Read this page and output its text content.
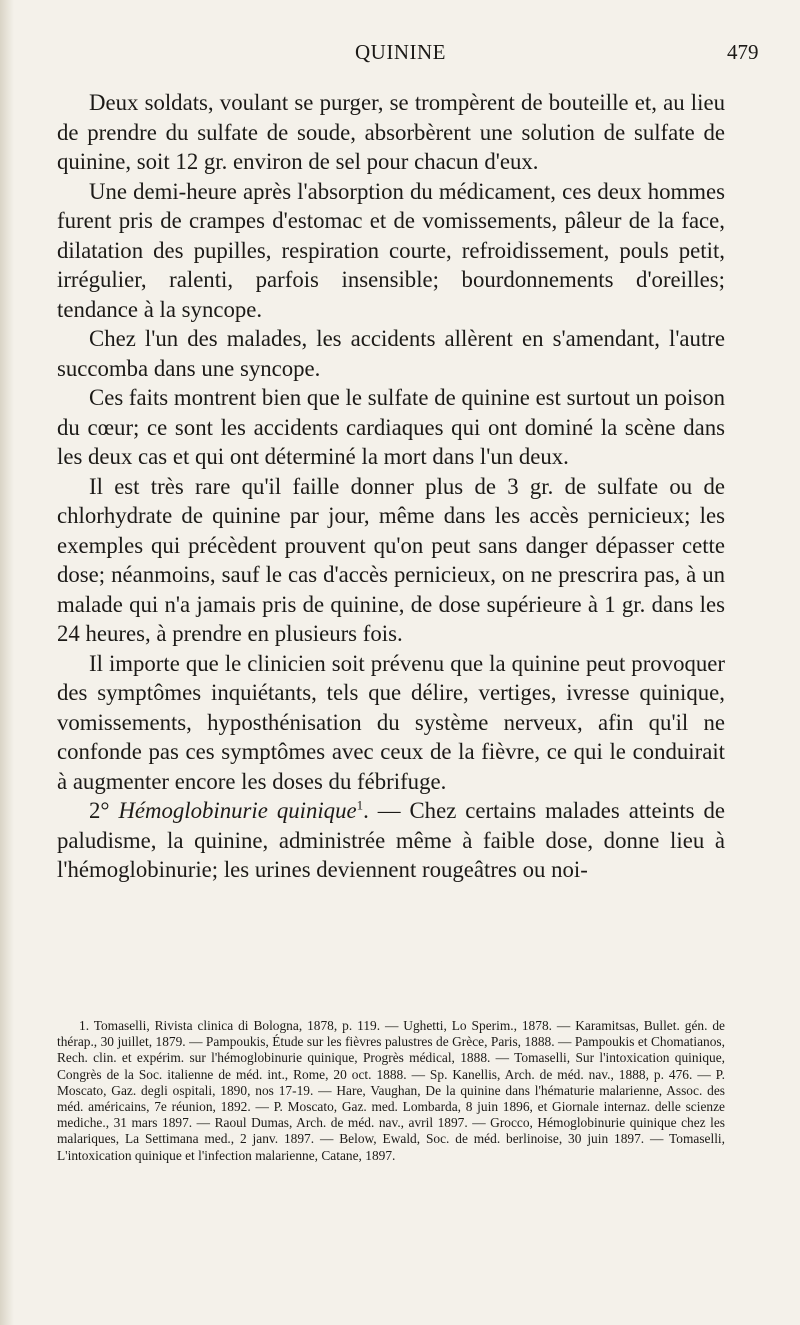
QUININE	479

Deux soldats, voulant se purger, se trompèrent de bouteille et, au lieu de prendre du sulfate de soude, absorbèrent une solution de sulfate de quinine, soit 12 gr. environ de sel pour chacun d'eux.

Une demi-heure après l'absorption du médicament, ces deux hommes furent pris de crampes d'estomac et de vomissements, pâleur de la face, dilatation des pupilles, respiration courte, refroidissement, pouls petit, irrégulier, ralenti, parfois insensible; bourdonnements d'oreilles; tendance à la syncope.

Chez l'un des malades, les accidents allèrent en s'amendant, l'autre succomba dans une syncope.

Ces faits montrent bien que le sulfate de quinine est surtout un poison du cœur; ce sont les accidents cardiaques qui ont dominé la scène dans les deux cas et qui ont déterminé la mort dans l'un deux.

Il est très rare qu'il faille donner plus de 3 gr. de sulfate ou de chlorhydrate de quinine par jour, même dans les accès pernicieux; les exemples qui précèdent prouvent qu'on peut sans danger dépasser cette dose; néanmoins, sauf le cas d'accès pernicieux, on ne prescrira pas, à un malade qui n'a jamais pris de quinine, de dose supérieure à 1 gr. dans les 24 heures, à prendre en plusieurs fois.

Il importe que le clinicien soit prévenu que la quinine peut provoquer des symptômes inquiétants, tels que délire, vertiges, ivresse quinique, vomissements, hyposthénisation du système nerveux, afin qu'il ne confonde pas ces symptômes avec ceux de la fièvre, ce qui le conduirait à augmenter encore les doses du fébrifuge.

2° Hémoglobinurie quinique$^1$. — Chez certains malades atteints de paludisme, la quinine, administrée même à faible dose, donne lieu à l'hémoglobinurie; les urines deviennent rougeâtres ou noi-

1. Tomaselli, Rivista clinica di Bologna, 1878, p. 119. — Ughetti, Lo Sperim., 1878. — Karamitsas, Bullet. gén. de thérap., 30 juillet, 1879. — Pampoukis, Étude sur les fièvres palustres de Grèce, Paris, 1888. — Pampoukis et Chomatianos, Rech. clin. et expérim. sur l'hémoglobinurie quinique, Progrès médical, 1888. — Tomaselli, Sur l'intoxication quinique, Congrès de la Soc. italienne de méd. int., Rome, 20 oct. 1888. — Sp. Kanellis, Arch. de méd. nav., 1888, p. 476. — P. Moscato, Gaz. degli ospitali, 1890, nos 17-19. — Hare, Vaughan, De la quinine dans l'hématurie malarienne, Assoc. des méd. américains, 7e réunion, 1892. — P. Moscato, Gaz. med. Lombarda, 8 juin 1896, et Giornale internaz. delle scienze mediche., 31 mars 1897. — Raoul Dumas, Arch. de méd. nav., avril 1897. — Grocco, Hémoglobinurie quinique chez les malariques, La Settimana med., 2 janv. 1897. — Below, Ewald, Soc. de méd. berlinoise, 30 juin 1897. — Tomaselli, L'intoxication quinique et l'infection malarienne, Catane, 1897.
